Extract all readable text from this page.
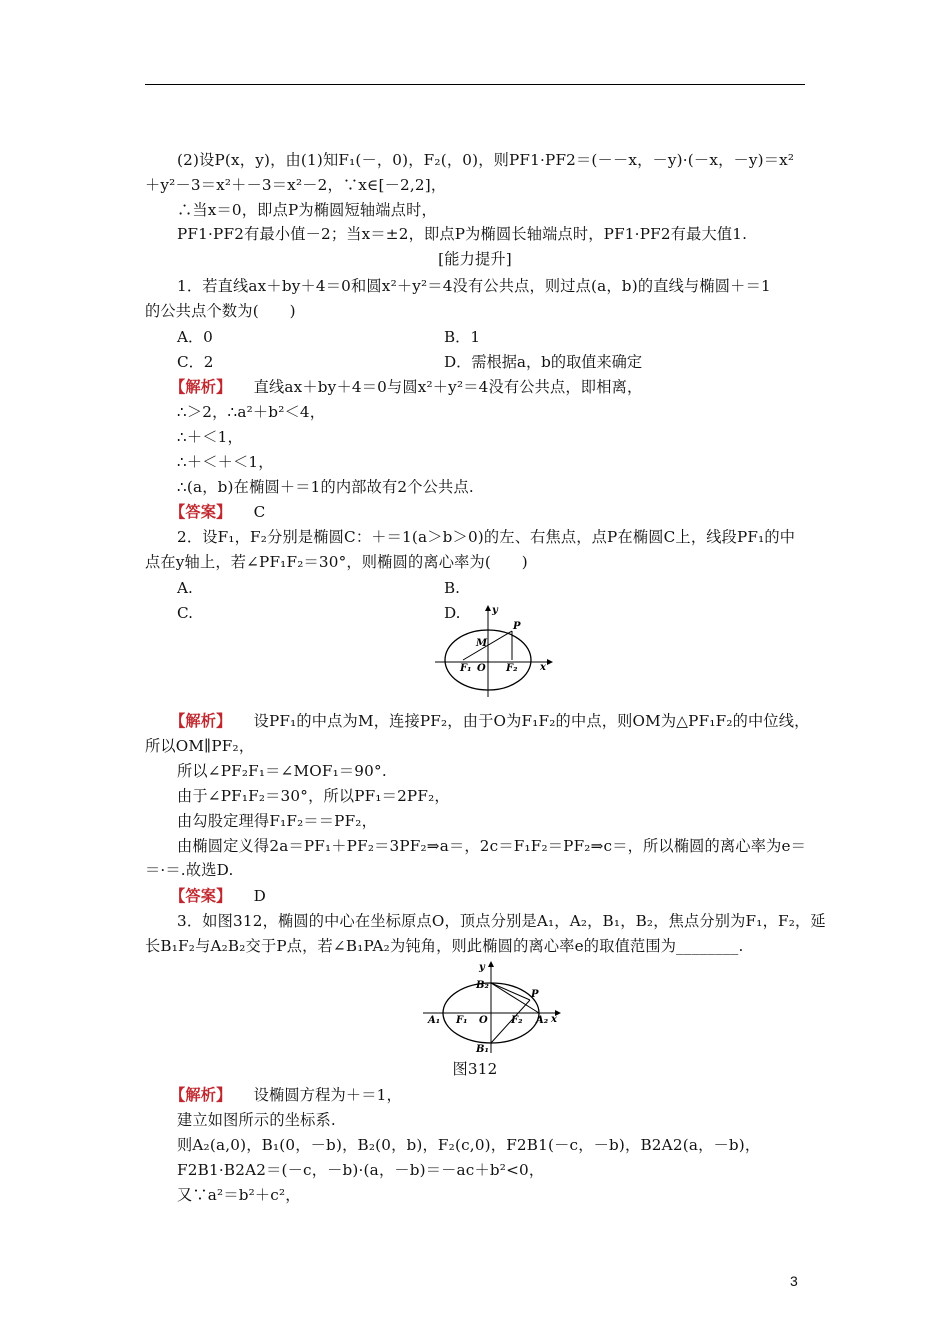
(2)设P(x，y)，由(1)知F₁(－，0)，F₂(，0)，则PF1·PF2＝(－－x，－y)·(－x，－y)＝x²
＋y²－3＝x²＋－3＝x²－2，∵x∈[－2,2]，
∴当x＝0，即点P为椭圆短轴端点时，
PF1·PF2有最小值－2；当x＝±2，即点P为椭圆长轴端点时，PF1·PF2有最大值1.
[能力提升]
1．若直线ax＋by＋4＝0和圆x²＋y²＝4没有公共点，则过点(a，b)的直线与椭圆＋＝1
的公共点个数为(　　)
A．0	B．1
C．2	D．需根据a，b的取值来确定
【解析】 直线ax＋by＋4＝0与圆x²＋y²＝4没有公共点，即相离，
∴＞2，∴a²＋b²＜4，
∴＋＜1，
∴＋＜＋＜1，
∴(a，b)在椭圆＋＝1的内部故有2个公共点.
【答案】 C
2．设F₁，F₂分别是椭圆C：＋＝1(a＞b＞0)的左、右焦点，点P在椭圆C上，线段PF₁的中
点在y轴上，若∠PF₁F₂＝30°，则椭圆的离心率为(　　)
A.	B.
C.	D.	y
x
M
P
F₁ O F₂
【解析】 设PF₁的中点为M，连接PF₂，由于O为F₁F₂的中点，则OM为△PF₁F₂的中位线，
所以OM∥PF₂，
所以∠PF₂F₁＝∠MOF₁＝90°.
由于∠PF₁F₂＝30°，所以PF₁＝2PF₂，
由勾股定理得F₁F₂＝＝PF₂，
由椭圆定义得2a＝PF₁＋PF₂＝3PF₂⇒a＝，2c＝F₁F₂＝PF₂⇒c＝，所以椭圆的离心率为e＝
＝·＝.故选D.
【答案】 D
3．如图312，椭圆的中心在坐标原点O，顶点分别是A₁，A₂，B₁，B₂，焦点分别为F₁，F₂，延
长B₁F₂与A₂B₂交于P点，若∠B₁PA₂为钝角，则此椭圆的离心率e的取值范围为________.
y
x
B₂
P
A₁ F₁ O F₂ A₂
B₁
图312
【解析】 设椭圆方程为＋＝1，
建立如图所示的坐标系.
则A₂(a,0)，B₁(0，－b)，B₂(0，b)，F₂(c,0)，F2B1(－c，－b)，B2A2(a，－b)，
F2B1·B2A2＝(－c，－b)·(a，－b)＝－ac＋b²<0，
又∵a²＝b²＋c²，
3
